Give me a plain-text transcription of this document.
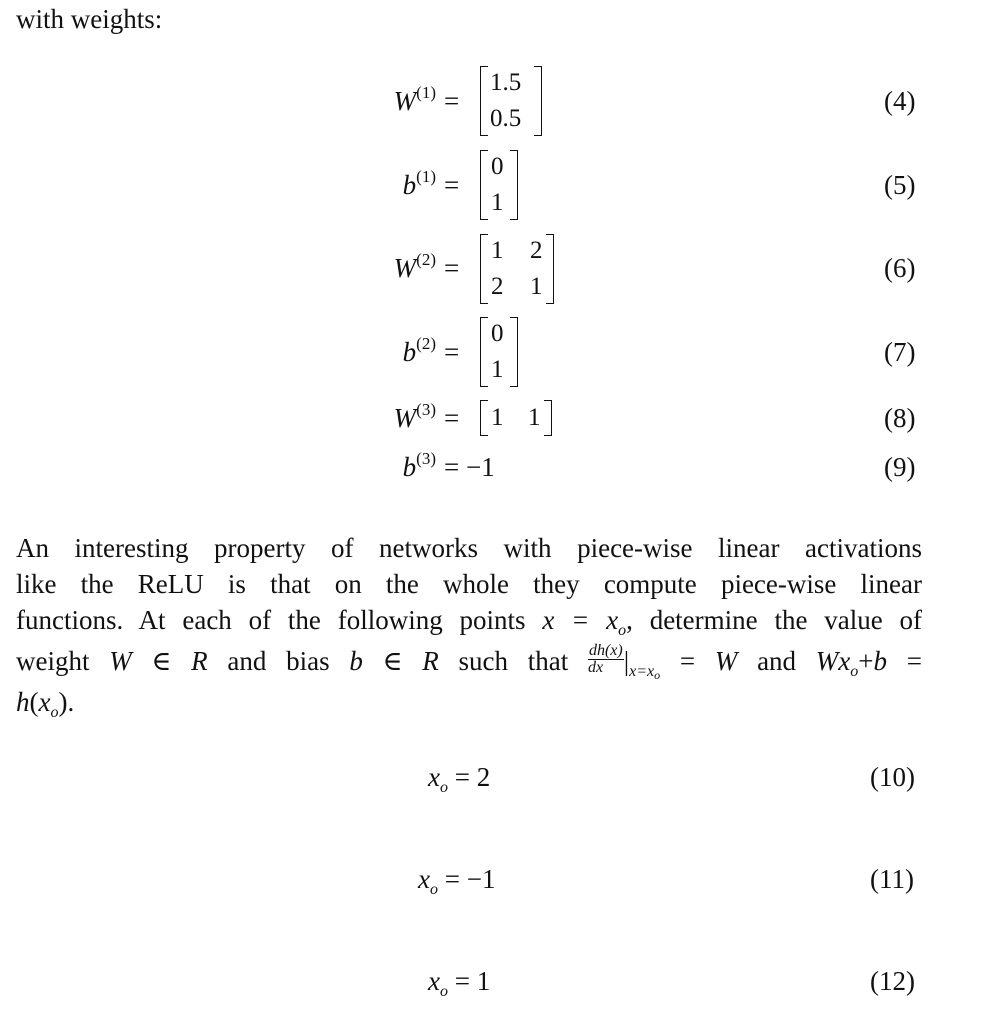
with weights:
$W^{(1)}$ =
1.5
0.5
(4)
$b^{(1)}$ =
0
1
(5)
$W^{(2)}$ =
1 2
2 1
(6)
$b^{(2)}$ =
0
1
(7)
$W^{(3)} = 1$ 1	(8)
$b^{(3)} = -1$	(9)
An interesting property of networks with piece-wise linear activations
like the ReLU is that on the whole they compute piece-wise linear
functions. At each of the following points $x = x_o$, determine the value of
weight W ∈ R and bias b ∈ R such that $\frac{dh(x)}{dx} |_{x=xo} = W$ and $Wx_o+b$ =
$h(x_o)$.
$x_o = 2$	(10)
$x_o = -1$	(11)
$x_o = 1$	(12)
